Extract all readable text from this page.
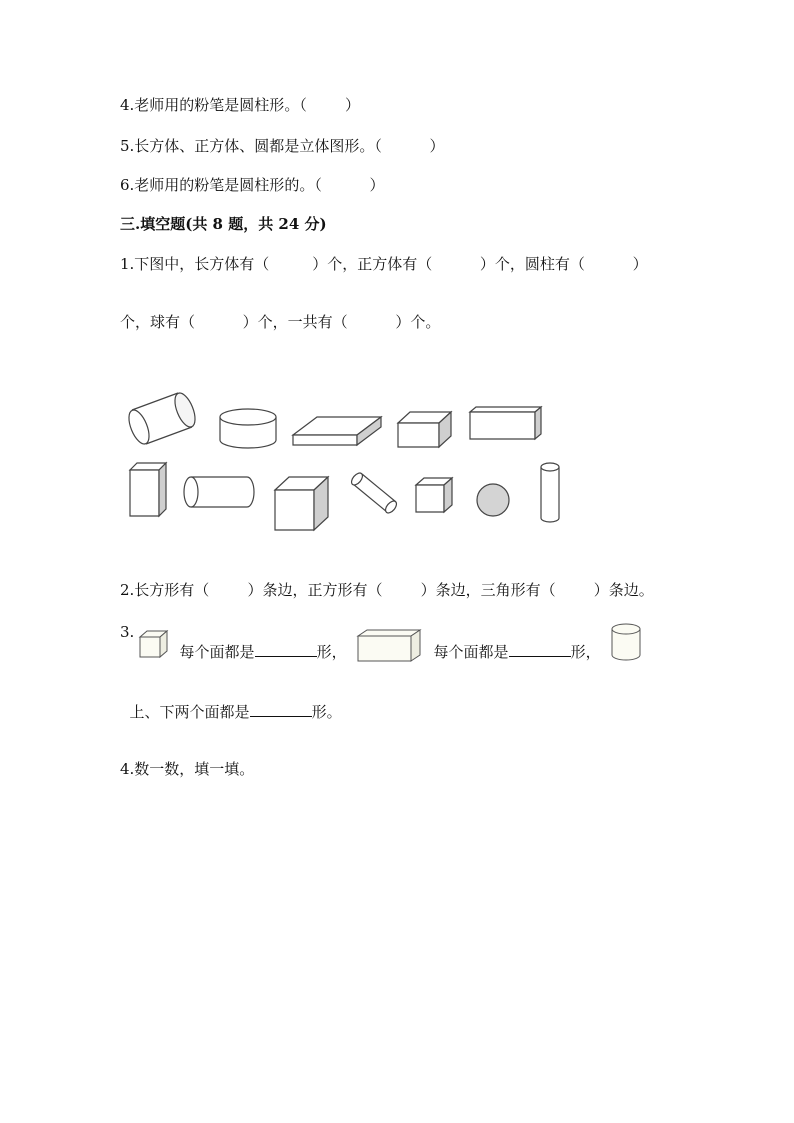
4.老师用的粉笔是圆柱形。（        ）
5.长方体、正方体、圆都是立体图形。（          ）
6.老师用的粉笔是圆柱形的。（          ）
三.填空题(共 8 题，共 24 分)
1.下图中，长方体有（         ）个，正方体有（          ）个，圆柱有（          ）
个，球有（          ）个，一共有（          ）个。
2.长方形有（        ）条边，正方形有（        ）条边，三角形有（        ）条边。
3.

每个面都是	形，	每个面都是	形，

上、下两个面都是	形。

4.数一数，填一填。
